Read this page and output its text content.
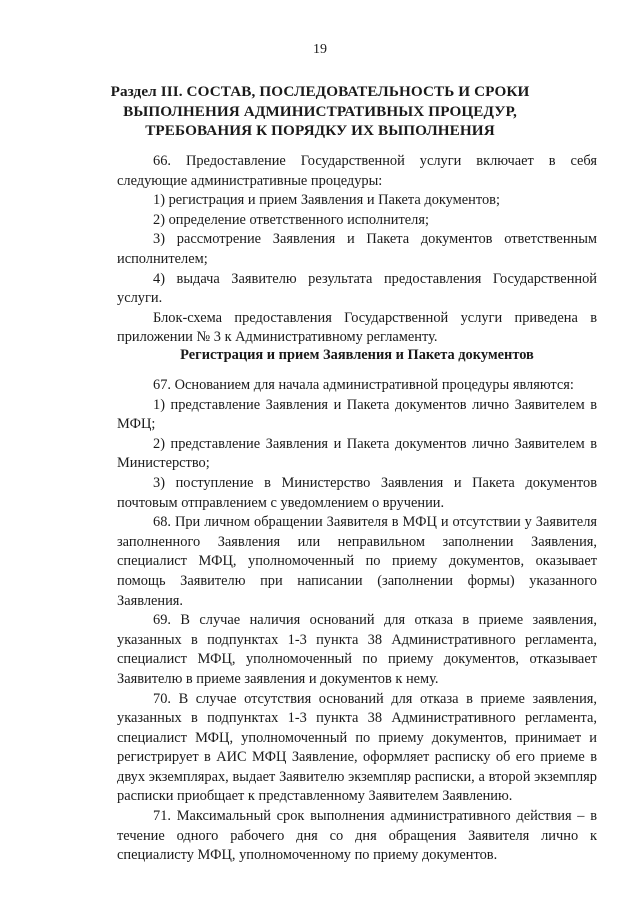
19
Раздел III. СОСТАВ, ПОСЛЕДОВАТЕЛЬНОСТЬ И СРОКИ
ВЫПОЛНЕНИЯ АДМИНИСТРАТИВНЫХ ПРОЦЕДУР,
ТРЕБОВАНИЯ К ПОРЯДКУ ИХ ВЫПОЛНЕНИЯ

66. Предоставление Государственной услуги включает в себя следующие административные процедуры:

1) регистрация и прием Заявления и Пакета документов;

2) определение ответственного исполнителя;

3) рассмотрение Заявления и Пакета документов ответственным исполнителем;

4) выдача Заявителю результата предоставления Государственной услуги.

Блок-схема предоставления Государственной услуги приведена в приложении № 3 к Административному регламенту.

Регистрация и прием Заявления и Пакета документов

67. Основанием для начала административной процедуры являются:

1) представление Заявления и Пакета документов лично Заявителем в МФЦ;

2) представление Заявления и Пакета документов лично Заявителем в Министерство;

3) поступление в Министерство Заявления и Пакета документов почтовым отправлением с уведомлением о вручении.

68. При личном обращении Заявителя в МФЦ и отсутствии у Заявителя заполненного Заявления или неправильном заполнении Заявления, специалист МФЦ, уполномоченный по приему документов, оказывает помощь Заявителю при написании (заполнении формы) указанного Заявления.

69. В случае наличия оснований для отказа в приеме заявления, указанных в подпунктах 1-3 пункта 38 Административного регламента, специалист МФЦ, уполномоченный по приему документов, отказывает Заявителю в приеме заявления и документов к нему.

70. В случае отсутствия оснований для отказа в приеме заявления, указанных в подпунктах 1-3 пункта 38 Административного регламента, специалист МФЦ, уполномоченный по приему документов, принимает и регистрирует в АИС МФЦ Заявление, оформляет расписку об его приеме в двух экземплярах, выдает Заявителю экземпляр расписки, а второй экземпляр расписки приобщает к представленному Заявителем Заявлению.

71. Максимальный срок выполнения административного действия – в течение одного рабочего дня со дня обращения Заявителя лично к специалисту МФЦ, уполномоченному по приему документов.
